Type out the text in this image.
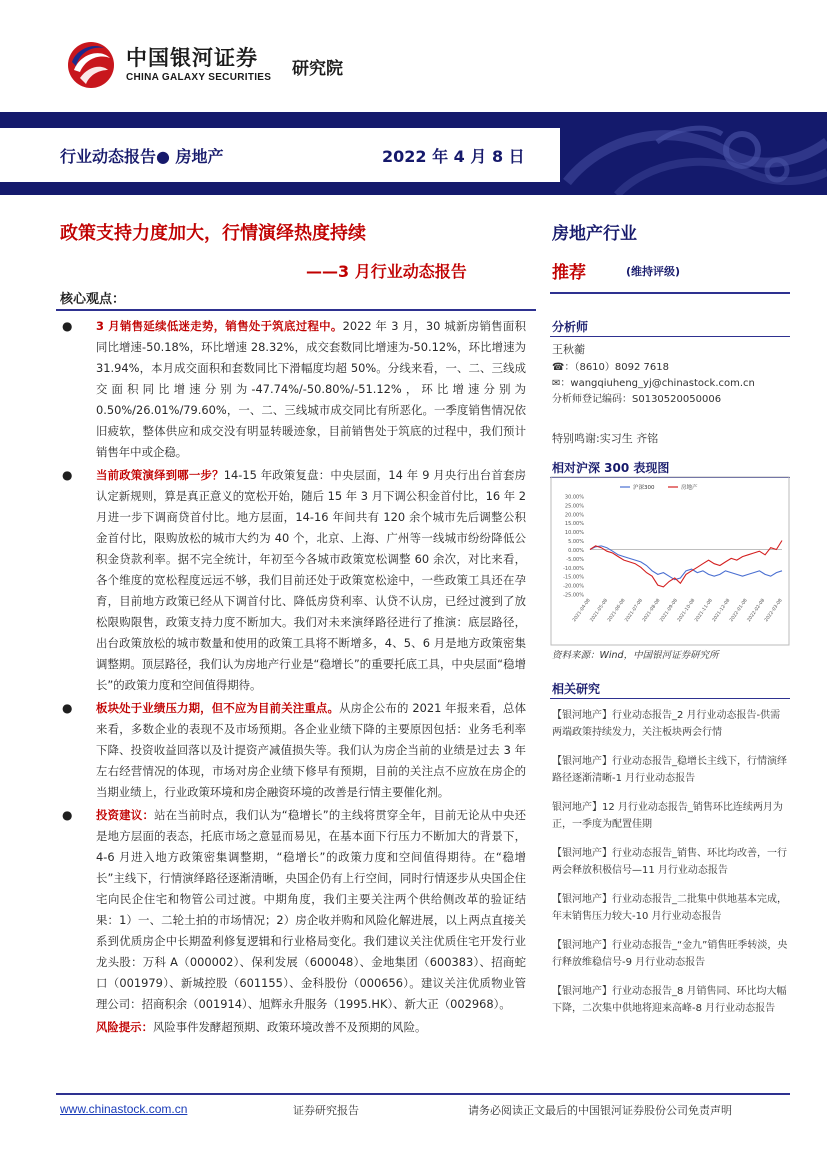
中国银河证券
CHINA GALAXY SECURITIES 研究院
行业动态报告● 房地产	2022 年 4 月 8 日
政策支持力度加大，行情演绎热度持续
——3 月行业动态报告
核心观点：
● 3 月销售延续低迷走势，销售处于筑底过程中。2022 年 3 月，30 城新房销售面积同比增速-50.18%，环比增速 28.32%，成交套数同比增速为-50.12%，环比增速为 31.94%，本月成交面积和套数同比下滑幅度均超 50%。分线来看，一、二、三线成交面积同比增速分别为-47.74%/-50.80%/-51.12%，环比增速分别为 0.50%/26.01%/79.60%，一、二、三线城市成交同比有所恶化。一季度销售情况依旧疲软，整体供应和成交没有明显转暖迹象，目前销售处于筑底的过程中，我们预计销售年中或企稳。
● 当前政策演绎到哪一步？14-15 年政策复盘：中央层面，14 年 9 月央行出台首套房认定新规则，算是真正意义的宽松开始，随后 15 年 3 月下调公积金首付比，16 年 2 月进一步下调商贷首付比。地方层面，14-16 年间共有 120 余个城市先后调整公积金首付比，限购放松的城市大约为 40 个，北京、上海、广州等一线城市纷纷降低公积金贷款利率。据不完全统计，年初至今各城市政策宽松调整 60 余次，对比来看，各个维度的宽松程度远远不够，我们目前还处于政策宽松途中，一些政策工具还在孕育，目前地方政策已经从下调首付比、降低房贷利率、认贷不认房，已经过渡到了放松限购限售，政策支持力度不断加大。我们对未来演绎路径进行了推演：底层路径，出台政策放松的城市数量和使用的政策工具将不断增多，4、5、6 月是地方政策密集调整期。顶层路径，我们认为房地产行业是“稳增长”的重要托底工具，中央层面“稳增长”的政策力度和空间值得期待。
● 板块处于业绩压力期，但不应为目前关注重点。从房企公布的 2021 年报来看，总体来看，多数企业的表现不及市场预期。各企业业绩下降的主要原因包括：业务毛利率下降、投资收益回落以及计提资产减值损失等。我们认为房企当前的业绩是过去 3 年左右经营情况的体现，市场对房企业绩下修早有预期，目前的关注点不应放在房企的当期业绩上，行业政策环境和房企融资环境的改善是行情主要催化剂。
● 投资建议：站在当前时点，我们认为“稳增长”的主线将贯穿全年，目前无论从中央还是地方层面的表态，托底市场之意显而易见，在基本面下行压力不断加大的背景下，4-6 月进入地方政策密集调整期，“稳增长”的政策力度和空间值得期待。在“稳增长”主线下，行情演绎路径逐渐清晰，央国企仍有上行空间，同时行情逐步从央国企住宅向民企住宅和物管公司过渡。中期角度，我们主要关注两个供给侧改革的验证结果：1）一、二轮土拍的市场情况；2）房企收并购和风险化解进展，以上两点直接关系到优质房企中长期盈利修复逻辑和行业格局变化。我们建议关注优质住宅开发行业龙头股：万科 A（000002）、保利发展（600048）、金地集团（600383）、招商蛇口（001979）、新城控股（601155）、金科股份（000656）。建议关注优质物业管理公司：招商积余（001914）、旭辉永升服务（1995.HK）、新大正（002968）。
风险提示：风险事件发酵超预期、政策环境改善不及预期的风险。
房地产行业
推荐	(维持评级)
分析师
王秋蘅
☎：（8610）8092 7618
✉：wangqiuheng_yj@chinastock.com.cn
分析师登记编码：S0130520050006
特别鸣谢:实习生 齐铭
相对沪深 300 表现图
30.00%
25.00%
20.00%
15.00%
10.00%
5.00%
0.00%
-5.00%
-10.00%
-15.00%
-20.00%
-25.00%
2021-04-08
2021-05-08
2021-06-08
2021-07-08
2021-08-08
2021-09-08
2021-10-08
2021-11-08
2021-12-08
2022-01-08
2022-02-08
2022-03-08
沪深300	房地产
资料来源：Wind，中国银河证券研究所
相关研究
【银河地产】行业动态报告_2 月行业动态报告-供需两端政策持续发力，关注板块两会行情
【银河地产】行业动态报告_稳增长主线下，行情演绎路径逐渐清晰-1 月行业动态报告
银河地产】12 月行业动态报告_销售环比连续两月为正，一季度为配置佳期
【银河地产】行业动态报告_销售、环比均改善，一行两会释放积极信号—11 月行业动态报告
【银河地产】行业动态报告_二批集中供地基本完成，年末销售压力较大-10 月行业动态报告
【银河地产】行业动态报告_“金九”销售旺季转淡，央行释放维稳信号-9 月行业动态报告
【银河地产】行业动态报告_8 月销售同、环比均大幅下降，二次集中供地将迎来高峰-8 月行业动态报告
www.chinastock.com.cn	证券研究报告	请务必阅读正文最后的中国银河证券股份公司免责声明
